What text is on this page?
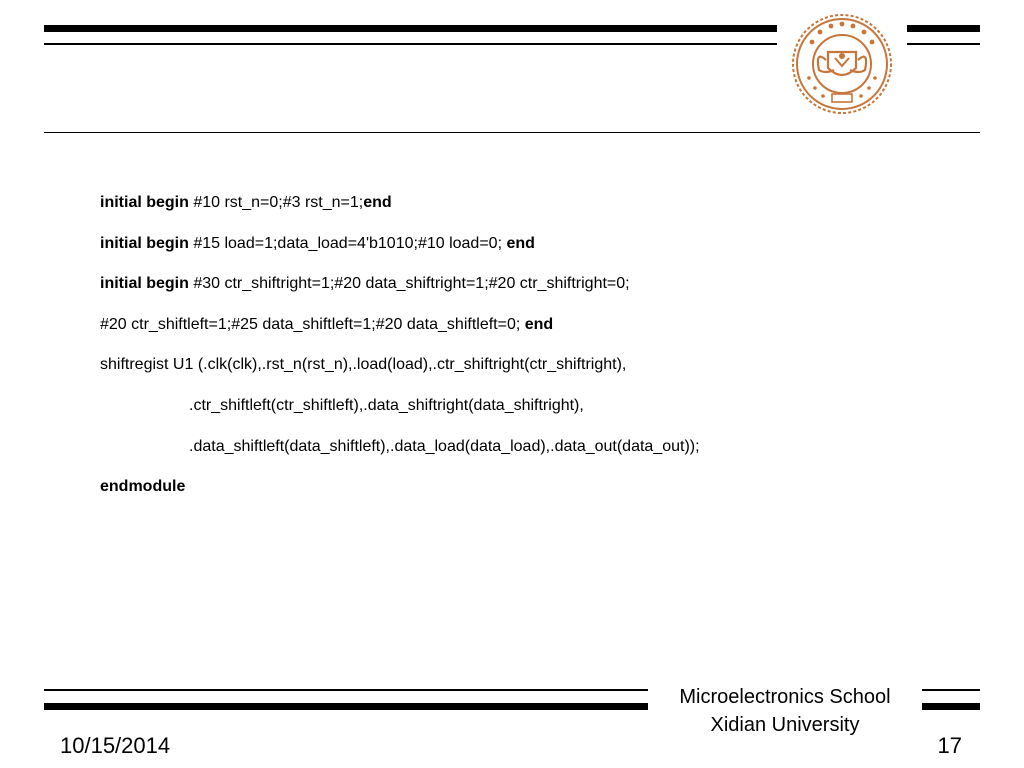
initial begin #10 rst_n=0;#3 rst_n=1;end
initial begin #15 load=1;data_load=4'b1010;#10 load=0; end
initial begin #30 ctr_shiftright=1;#20 data_shiftright=1;#20 ctr_shiftright=0;
#20 ctr_shiftleft=1;#25 data_shiftleft=1;#20 data_shiftleft=0; end
shiftregist U1 (.clk(clk),.rst_n(rst_n),.load(load),.ctr_shiftright(ctr_shiftright),
.ctr_shiftleft(ctr_shiftleft),.data_shiftright(data_shiftright),
.data_shiftleft(data_shiftleft),.data_load(data_load),.data_out(data_out));
endmodule
Microelectronics School
Xidian University
10/15/2014	17
